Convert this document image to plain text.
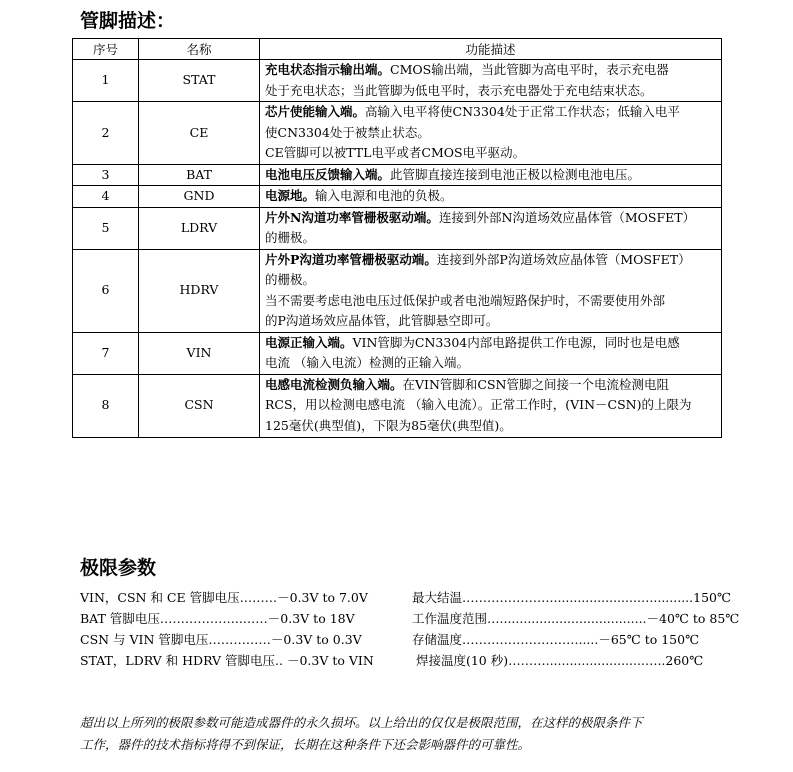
管脚描述：
序号	名称	功能描述
1	STAT	充电状态指示输出端。CMOS输出端，当此管脚为高电平时，表示充电器
处于充电状态；当此管脚为低电平时，表示充电器处于充电结束状态。
2	CE	芯片使能输入端。高输入电平将使CN3304处于正常工作状态；低输入电平
使CN3304处于被禁止状态。
CE管脚可以被TTL电平或者CMOS电平驱动。
3	BAT	电池电压反馈输入端。此管脚直接连接到电池正极以检测电池电压。
4	GND	电源地。输入电源和电池的负极。
5	LDRV	片外N沟道功率管栅极驱动端。连接到外部N沟道场效应晶体管（MOSFET）
的栅极。
6	HDRV	片外P沟道功率管栅极驱动端。连接到外部P沟道场效应晶体管（MOSFET）
的栅极。
当不需要考虑电池电压过低保护或者电池端短路保护时，不需要使用外部
的P沟道场效应晶体管，此管脚悬空即可。
7	VIN	电源正输入端。VIN管脚为CN3304内部电路提供工作电源，同时也是电感
电流 （输入电流）检测的正输入端。
8	CSN	电感电流检测负输入端。在VIN管脚和CSN管脚之间接一个电流检测电阻
RCS，用以检测电感电流 （输入电流）。正常工作时，(VIN－CSN)的上限为
125毫伏(典型值)，下限为85毫伏(典型值)。
极限参数
VIN，CSN 和 CE 管脚电压………－0.3V to 7.0V
BAT 管脚电压………………..……－0.3V to 18V
CSN 与 VIN 管脚电压……………－0.3V to 0.3V
STAT，LDRV 和 HDRV 管脚电压.. －0.3V to VIN
最大结温…………………......................…...........150℃
工作温度范围….....................................－40℃ to 85℃
存储温度………………………......－65℃ to 150℃
焊接温度(10 秒)……….........................…..260℃
超出以上所列的极限参数可能造成器件的永久损坏。以上给出的仅仅是极限范围，在这样的极限条件下
工作，器件的技术指标将得不到保证，长期在这种条件下还会影响器件的可靠性。
